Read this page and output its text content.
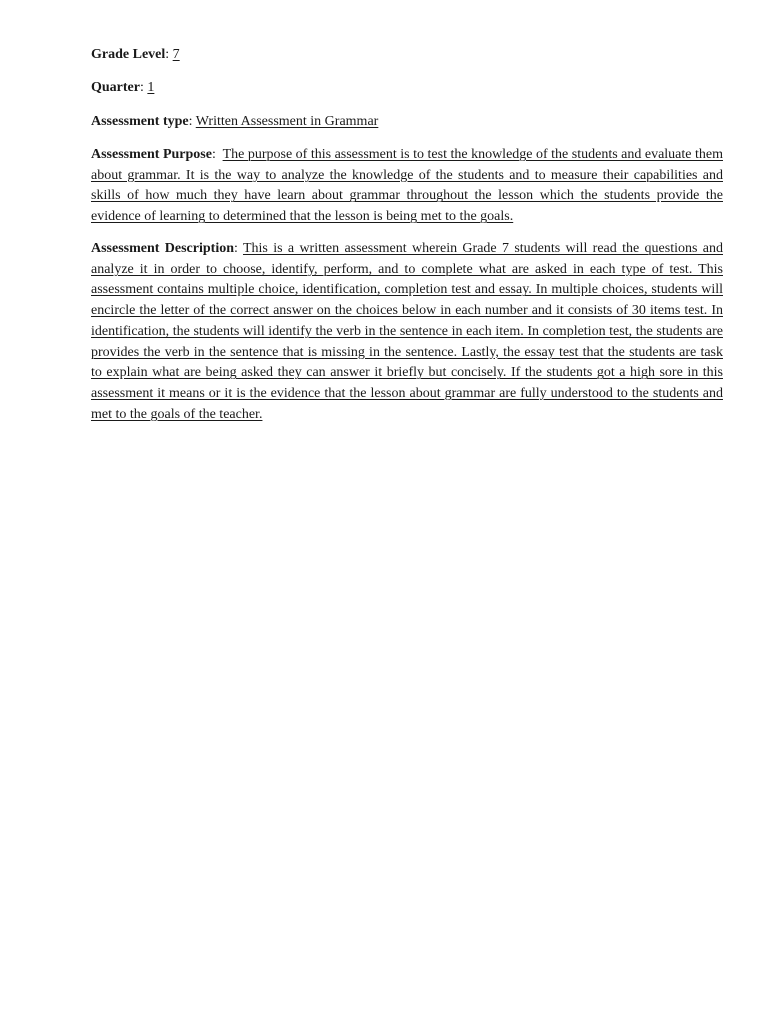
Grade Level: 7

Quarter: 1

Assessment type: Written Assessment in Grammar

Assessment Purpose:  The purpose of this assessment is to test the knowledge of the students and evaluate them about grammar. It is the way to analyze the knowledge of the students and to measure their capabilities and skills of how much they have learn about grammar throughout the lesson which the students provide the evidence of learning to determined that the lesson is being met to the goals.

Assessment Description: This is a written assessment wherein Grade 7 students will read the questions and analyze it in order to choose, identify, perform, and to complete what are asked in each type of test. This assessment contains multiple choice, identification, completion test and essay. In multiple choices, students will encircle the letter of the correct answer on the choices below in each number and it consists of 30 items test. In identification, the students will identify the verb in the sentence in each item. In completion test, the students are provides the verb in the sentence that is missing in the sentence. Lastly, the essay test that the students are task to explain what are being asked they can answer it briefly but concisely. If the students got a high sore in this assessment it means or it is the evidence that the lesson about grammar are fully understood to the students and met to the goals of the teacher.
